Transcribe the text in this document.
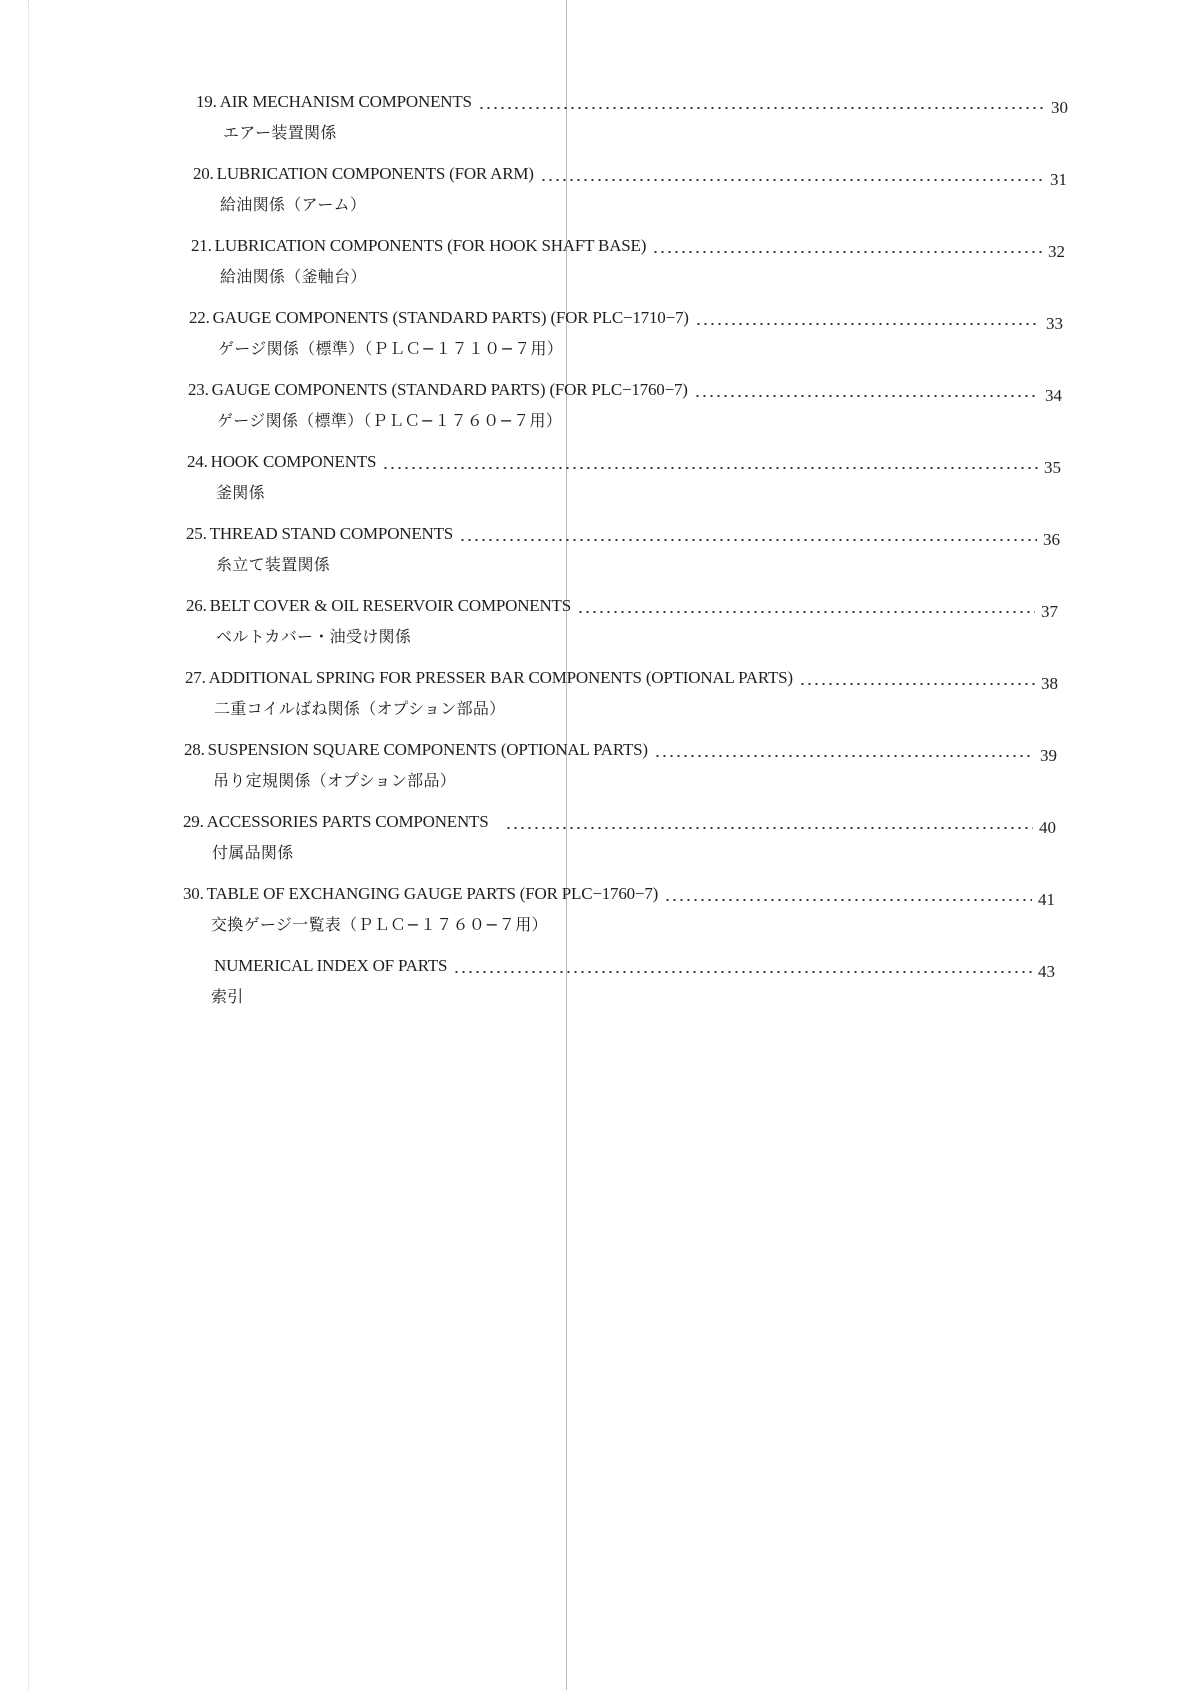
19. AIR MECHANISM COMPONENTS	30
エアー装置関係
20. LUBRICATION COMPONENTS (FOR ARM)	31
給油関係（アーム）
21. LUBRICATION COMPONENTS (FOR HOOK SHAFT BASE)	32
給油関係（釜軸台）
22. GAUGE COMPONENTS (STANDARD PARTS) (FOR PLC−1710−7)	33
ゲージ関係（標準）（ＰＬＣ−１７１０−７用）
23. GAUGE COMPONENTS (STANDARD PARTS) (FOR PLC−1760−7)	34
ゲージ関係（標準）（ＰＬＣ−１７６０−７用）
24. HOOK COMPONENTS	35
釜関係
25. THREAD STAND COMPONENTS	36
糸立て装置関係
26. BELT COVER & OIL RESERVOIR COMPONENTS	37
ベルトカバー・油受け関係
27. ADDITIONAL SPRING FOR PRESSER BAR COMPONENTS (OPTIONAL PARTS)	38
二重コイルばね関係（オプション部品）
28. SUSPENSION SQUARE COMPONENTS (OPTIONAL PARTS)	39
吊り定規関係（オプション部品）
29. ACCESSORIES PARTS COMPONENTS	40
付属品関係
30. TABLE OF EXCHANGING GAUGE PARTS (FOR PLC−1760−7)	41
交換ゲージ一覧表（ＰＬＣ−１７６０−７用）
NUMERICAL INDEX OF PARTS	43
索引
